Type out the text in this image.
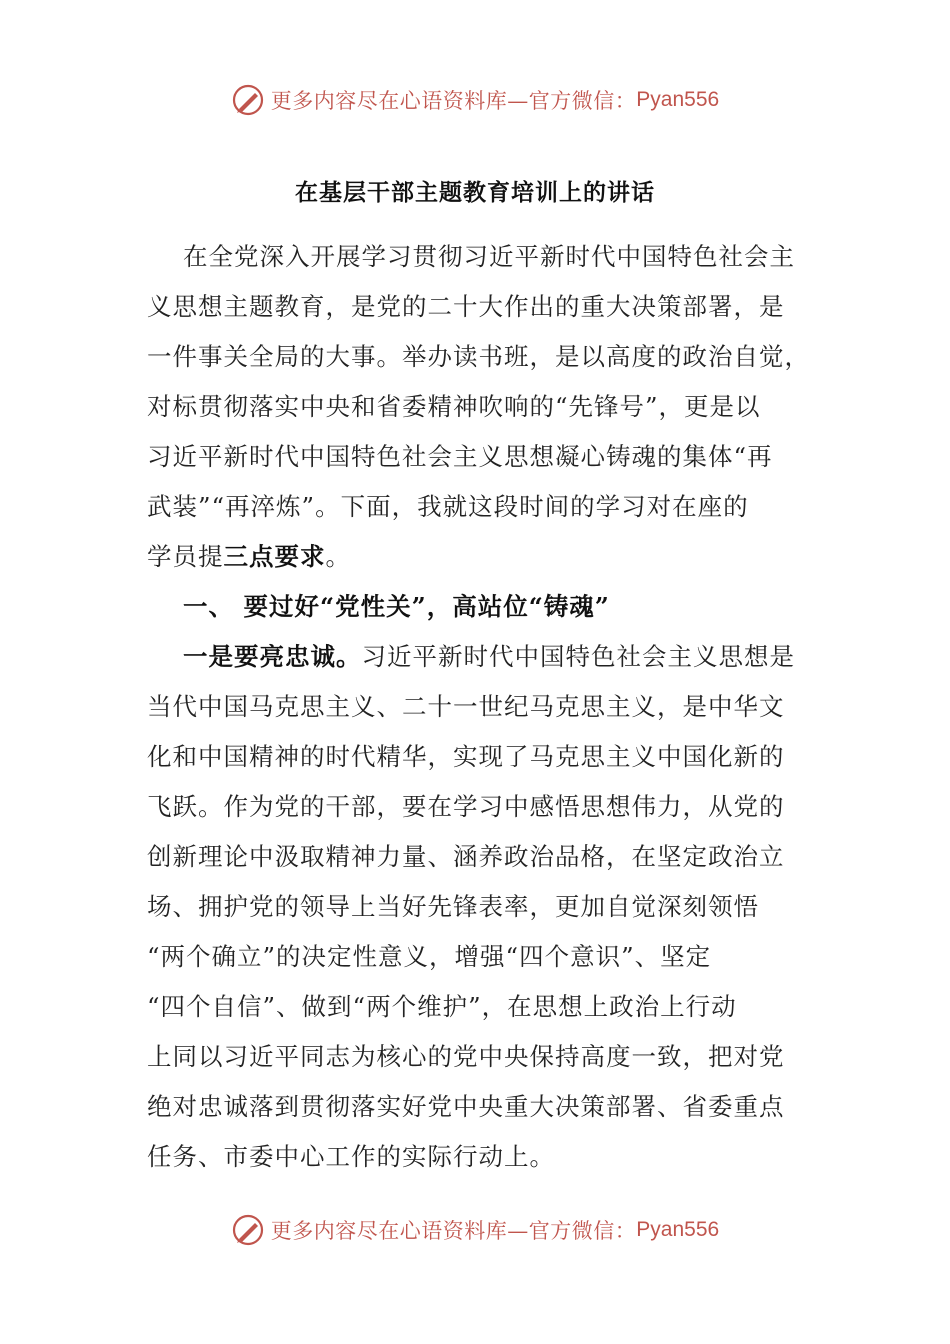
更多内容尽在心语资料库—官方微信： Pyan556
在基层干部主题教育培训上的讲话
在全党深入开展学习贯彻习近平新时代中国特色社会主
义思想主题教育，是党的二十大作出的重大决策部署，是
一件事关全局的大事。举办读书班，是以高度的政治自觉，
对标贯彻落实中央和省委精神吹响的“先锋号”，更是以
习近平新时代中国特色社会主义思想凝心铸魂的集体“再
武装”“再淬炼”。下面，我就这段时间的学习对在座的
学员提三点要求。
一、 要过好“党性关”，高站位“铸魂”
一是要亮忠诚。习近平新时代中国特色社会主义思想是
当代中国马克思主义、二十一世纪马克思主义，是中华文
化和中国精神的时代精华，实现了马克思主义中国化新的
飞跃。作为党的干部，要在学习中感悟思想伟力，从党的
创新理论中汲取精神力量、涵养政治品格，在坚定政治立
场、拥护党的领导上当好先锋表率，更加自觉深刻领悟
“两个确立”的决定性意义，增强“四个意识”、坚定
“四个自信”、做到“两个维护”，在思想上政治上行动
上同以习近平同志为核心的党中央保持高度一致，把对党
绝对忠诚落到贯彻落实好党中央重大决策部署、省委重点
任务、市委中心工作的实际行动上。
更多内容尽在心语资料库—官方微信： Pyan556
